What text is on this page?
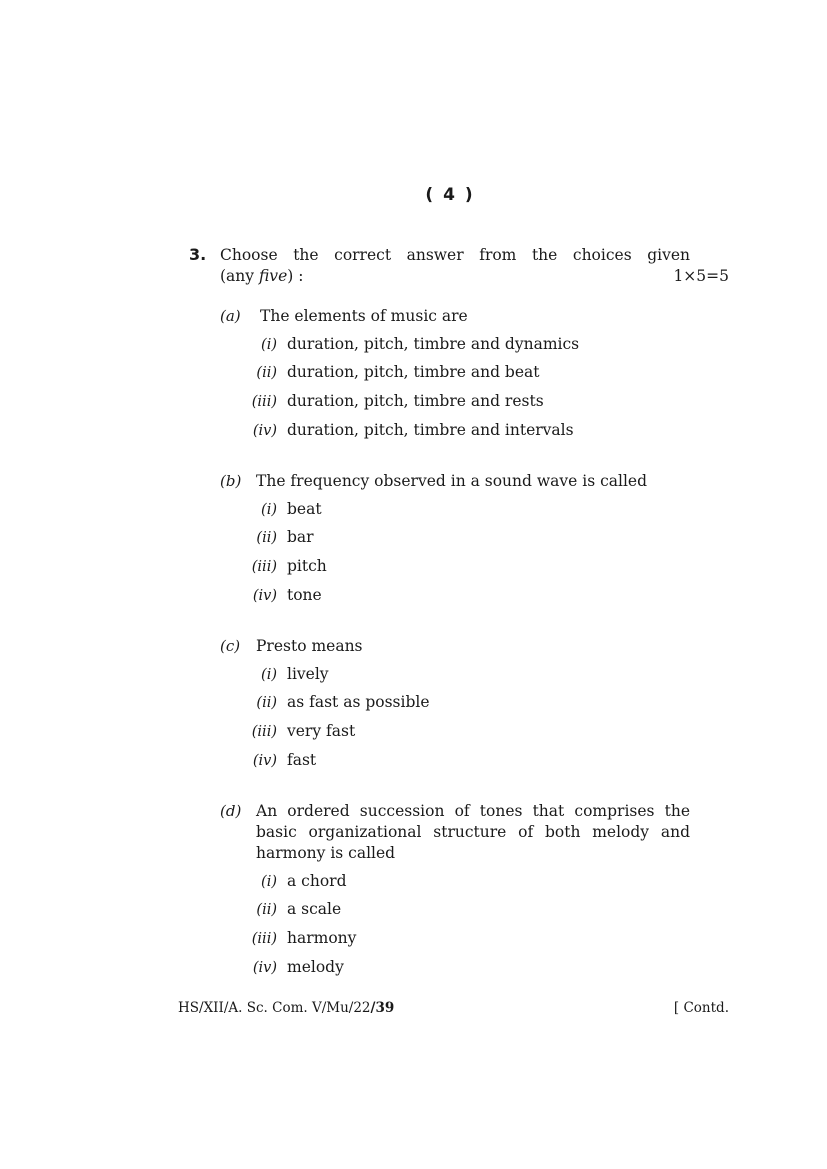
( 4 )
3. Choose the correct answer from the choices given
(any five) :	1×5=5
(a) The elements of music are
(i) duration, pitch, timbre and dynamics
(ii) duration, pitch, timbre and beat
(iii) duration, pitch, timbre and rests
(iv) duration, pitch, timbre and intervals
(b) The frequency observed in a sound wave is called
(i) beat
(ii) bar
(iii) pitch
(iv) tone
(c) Presto means
(i) lively
(ii) as fast as possible
(iii) very fast
(iv) fast
(d) An ordered succession of tones that comprises the basic organizational structure of both melody and harmony is called
(i) a chord
(ii) a scale
(iii) harmony
(iv) melody
HS/XII/A. Sc. Com. V/Mu/22/39	[ Contd.
